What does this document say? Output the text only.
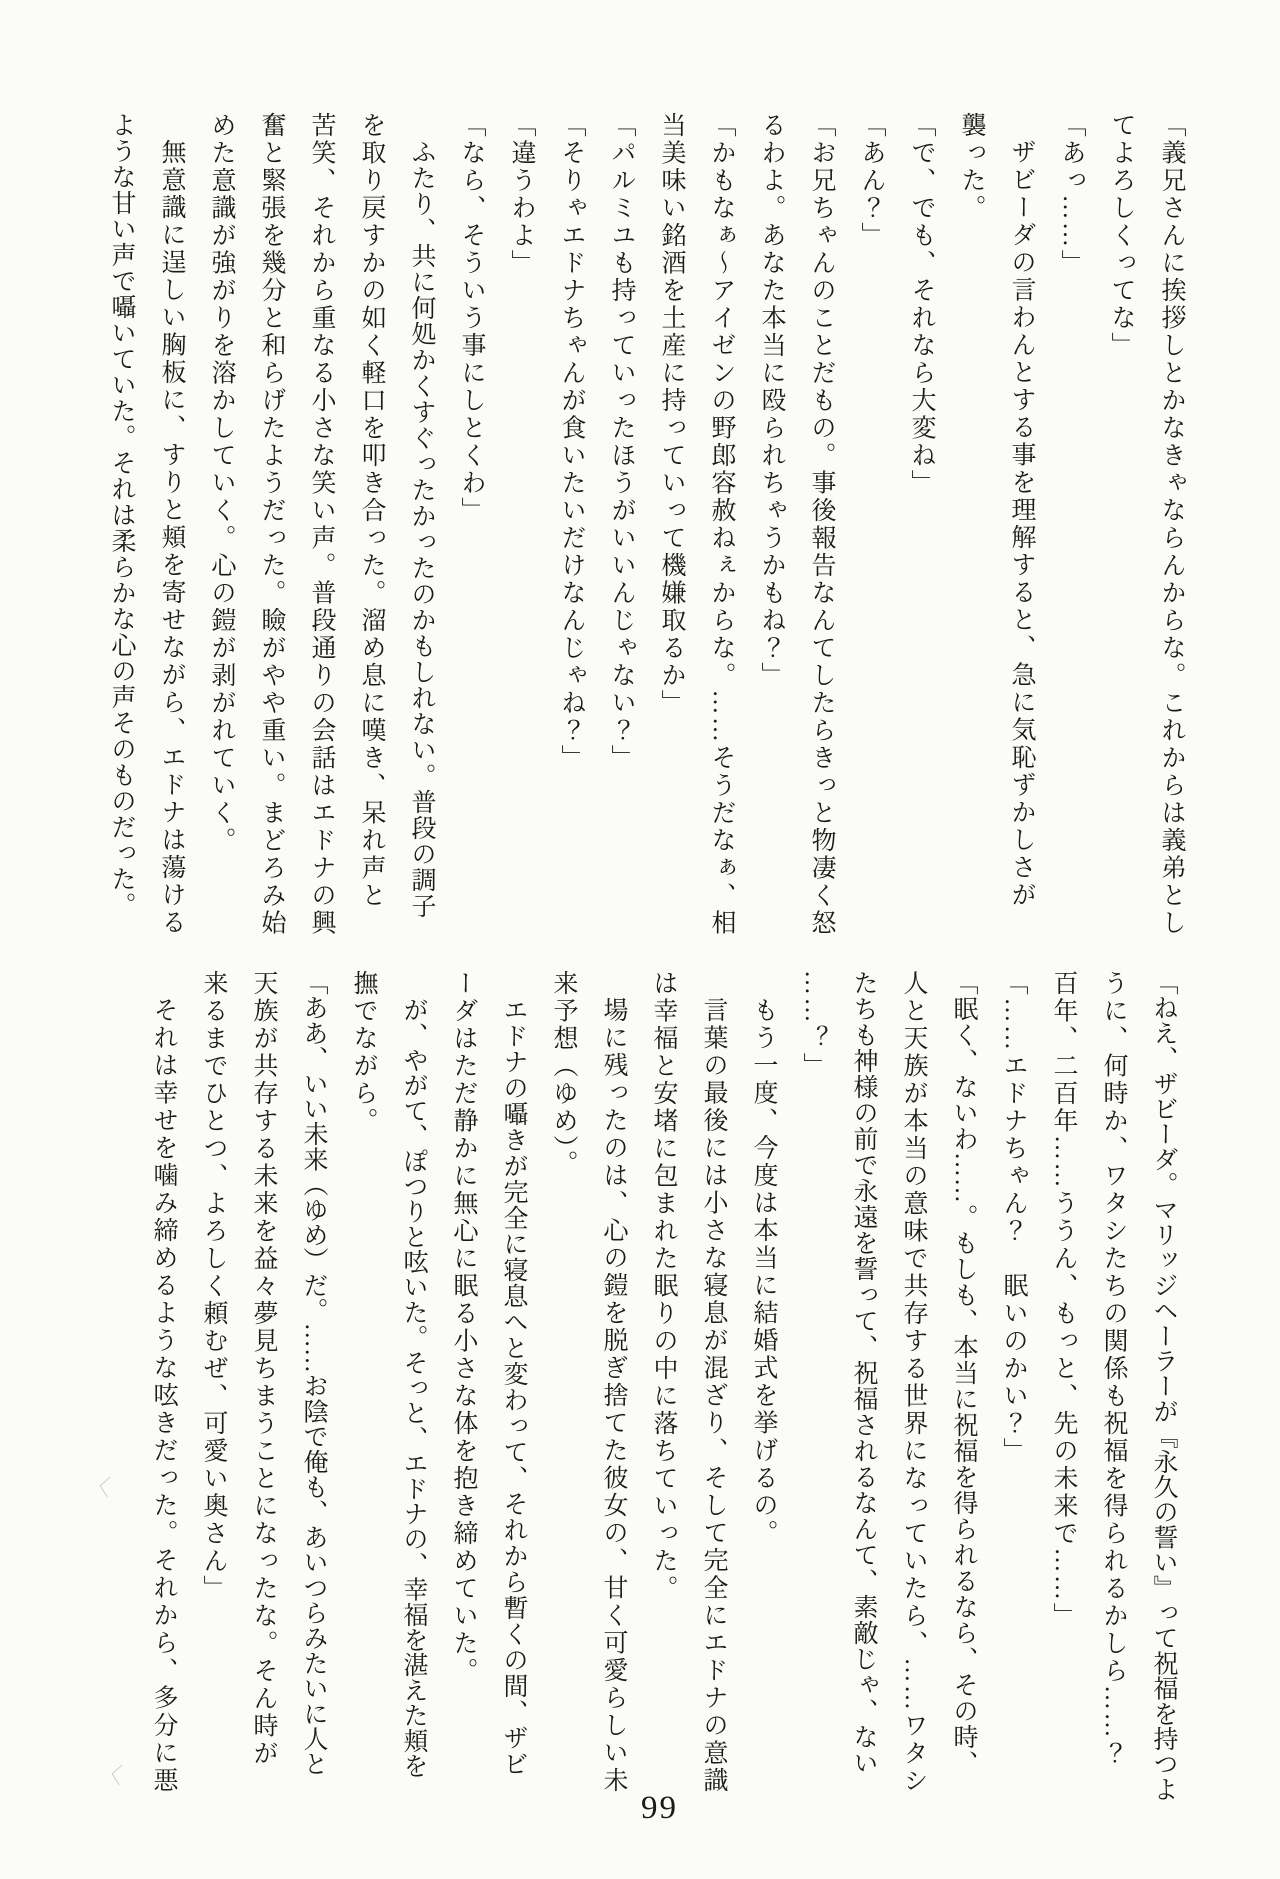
「義兄さんに挨拶しとかなきゃならんからな。これからは義弟とし

てよろしくってな」

「あっ……」

ザビーダの言わんとする事を理解すると、急に気恥ずかしさが

襲った。

「で、でも、それなら大変ね」

「あん？」

「お兄ちゃんのことだもの。事後報告なんてしたらきっと物凄く怒

るわよ。あなた本当に殴られちゃうかもね？」

「かもなぁ〜アイゼンの野郎容赦ねぇからな。……そうだなぁ、相

当美味い銘酒を土産に持っていって機嫌取るか」

「パルミユも持っていったほうがいいんじゃない？」

「そりゃエドナちゃんが食いたいだけなんじゃね？」

「違うわよ」

「なら、そういう事にしとくわ」

ふたり、共に何処かくすぐったかったのかもしれない。普段の調子

を取り戻すかの如く軽口を叩き合った。溜め息に嘆き、呆れ声と

苦笑、それから重なる小さな笑い声。普段通りの会話はエドナの興

奮と緊張を幾分と和らげたようだった。瞼がやや重い。まどろみ始

めた意識が強がりを溶かしていく。心の鎧が剥がれていく。

無意識に逞しい胸板に、すりと頬を寄せながら、エドナは蕩ける

ような甘い声で囁いていた。それは柔らかな心の声そのものだった。

「ねえ、ザビーダ。マリッジヘーラーが『永久の誓い』って祝福を持つよ

うに、何時か、ワタシたちの関係も祝福を得られるかしら……？

百年、二百年……ううん、もっと、先の未来で……」

「……エドナちゃん？　眠いのかい？」

「眠く、ないわ……。もしも、本当に祝福を得られるなら、その時、

人と天族が本当の意味で共存する世界になっていたら、……ワタシ

たちも神様の前で永遠を誓って、祝福されるなんて、素敵じゃ、ない

……？」

もう一度、今度は本当に結婚式を挙げるの。

言葉の最後には小さな寝息が混ざり、そして完全にエドナの意識

は幸福と安堵に包まれた眠りの中に落ちていった。

場に残ったのは、心の鎧を脱ぎ捨てた彼女の、甘く可愛らしい未

来予想（ゆめ）。

エドナの囁きが完全に寝息へと変わって、それから暫くの間、ザビ

ーダはただ静かに無心に眠る小さな体を抱き締めていた。

が、やがて、ぽつりと呟いた。そっと、エドナの、幸福を湛えた頬を

撫でながら。

「ああ、いい未来（ゆめ）だ。……お陰で俺も、あいつらみたいに人と

天族が共存する未来を益々夢見ちまうことになったな。そん時が

来るまでひとつ、よろしく頼むぜ、可愛い奥さん」

それは幸せを噛み締めるような呟きだった。それから、多分に悪

〈
〈
99
